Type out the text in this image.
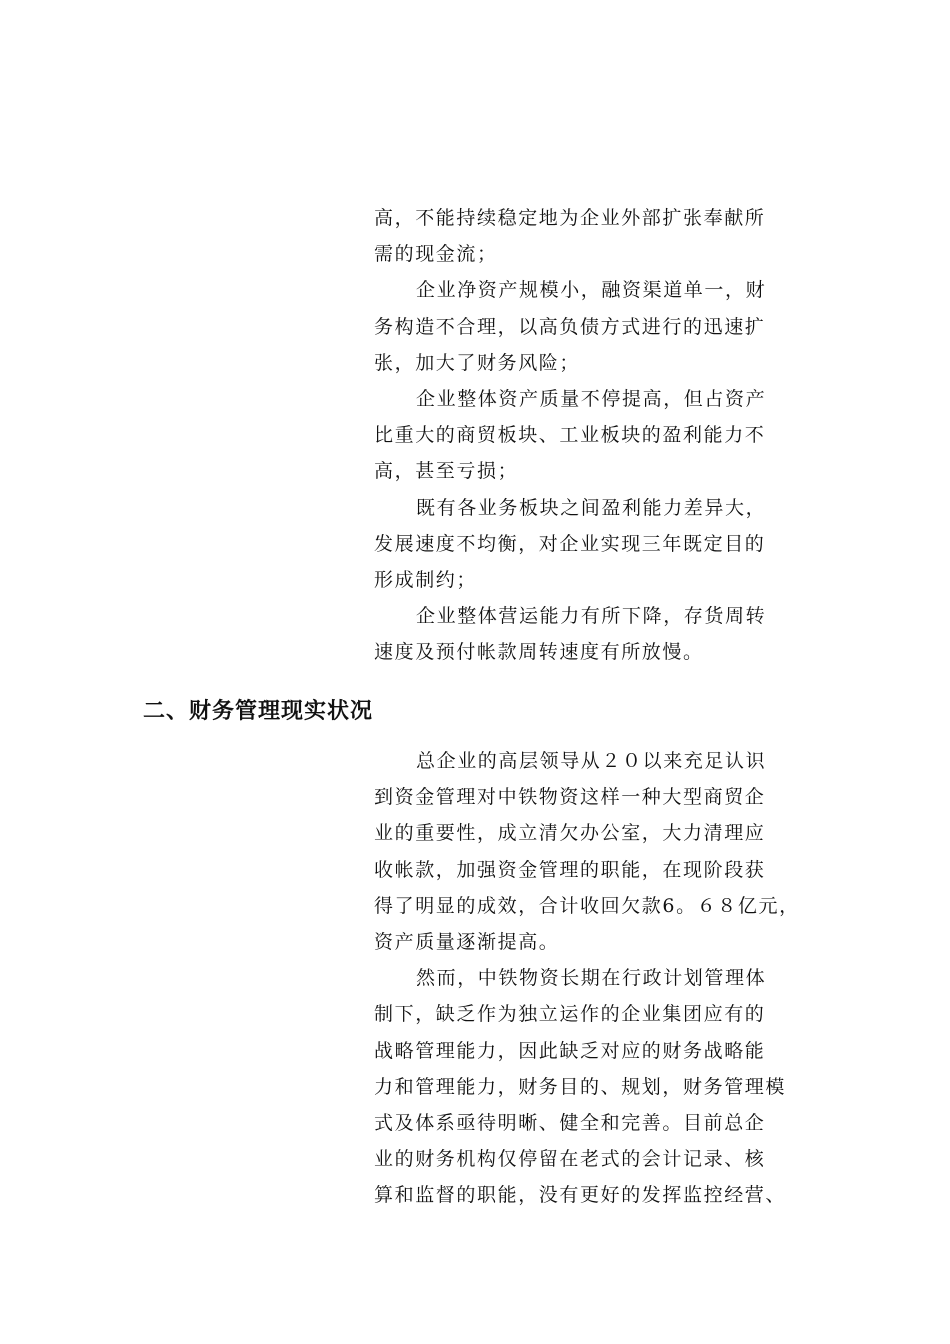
高，不能持续稳定地为企业外部扩张奉献所
需的现金流；
企业净资产规模小，融资渠道单一，财
务构造不合理，以高负债方式进行的迅速扩
张，加大了财务风险；
企业整体资产质量不停提高，但占资产
比重大的商贸板块、工业板块的盈利能力不
高，甚至亏损；
既有各业务板块之间盈利能力差异大，
发展速度不均衡，对企业实现三年既定目的
形成制约；
企业整体营运能力有所下降，存货周转
速度及预付帐款周转速度有所放慢。
二、财务管理现实状况
总企业的高层领导从２０以来充足认识
到资金管理对中铁物资这样一种大型商贸企
业的重要性，成立清欠办公室，大力清理应
收帐款，加强资金管理的职能，在现阶段获
得了明显的成效，合计收回欠款6。６８亿元，
资产质量逐渐提高。
然而，中铁物资长期在行政计划管理体
制下，缺乏作为独立运作的企业集团应有的
战略管理能力，因此缺乏对应的财务战略能
力和管理能力，财务目的、规划，财务管理模
式及体系亟待明晰、健全和完善。目前总企
业的财务机构仅停留在老式的会计记录、核
算和监督的职能，没有更好的发挥监控经营、
